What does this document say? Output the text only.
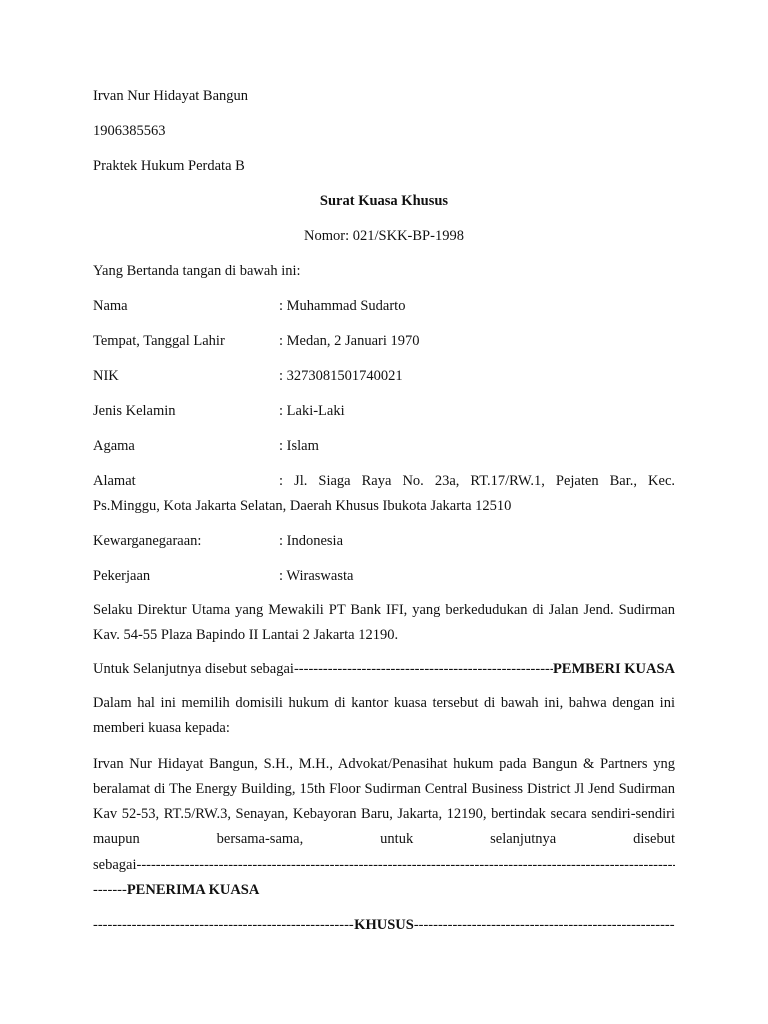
Irvan Nur Hidayat Bangun
1906385563
Praktek Hukum Perdata B
Surat Kuasa Khusus
Nomor: 021/SKK-BP-1998
Yang Bertanda tangan di bawah ini:
Nama	: Muhammad Sudarto
Tempat, Tanggal Lahir	: Medan, 2 Januari 1970
NIK	: 3273081501740021
Jenis Kelamin	: Laki-Laki
Agama	: Islam
Alamat	: Jl. Siaga Raya No. 23a, RT.17/RW.1, Pejaten Bar., Kec.
Ps.Minggu, Kota Jakarta Selatan, Daerah Khusus Ibukota Jakarta 12510
Kewarganegaraan:	: Indonesia
Pekerjaan	: Wiraswasta
Selaku Direktur Utama yang Mewakili PT Bank IFI, yang berkedudukan di Jalan Jend. Sudirman Kav. 54-55 Plaza Bapindo II Lantai 2 Jakarta 12190.
Untuk Selanjutnya disebut sebagai
-----	PEMBERI KUASA
Dalam hal ini memilih domisili hukum di kantor kuasa tersebut di bawah ini, bahwa dengan ini memberi kuasa kepada:
Irvan Nur Hidayat Bangun, S.H., M.H., Advokat/Penasihat hukum pada Bangun & Partners yng beralamat di The Energy Building, 15th Floor Sudirman Central Business District Jl Jend Sudirman Kav 52-53, RT.5/RW.3, Senayan, Kebayoran Baru, Jakarta, 12190, bertindak secara sendiri-sendiri maupun bersama-sama, untuk selanjutnya disebut
sebagai
-----
-------PENERIMA KUASA
-----
KHUSUS
-----
